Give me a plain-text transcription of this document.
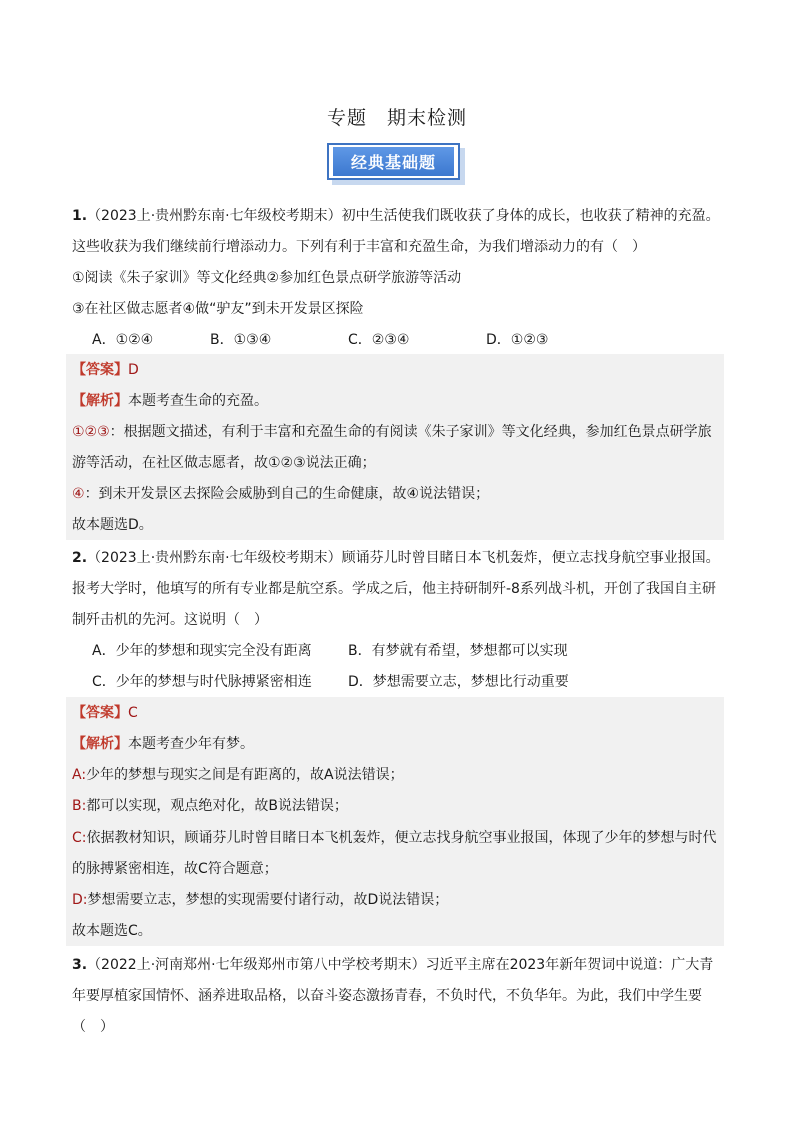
专题　期末检测
经典基础题
1.（2023上·贵州黔东南·七年级校考期末）初中生活使我们既收获了身体的成长，也收获了精神的充盈。这些收获为我们继续前行增添动力。下列有利于丰富和充盈生命，为我们增添动力的有（　）
①阅读《朱子家训》等文化经典②参加红色景点研学旅游等活动
③在社区做志愿者④做“驴友”到未开发景区探险
A．①②④	B．①③④	C．②③④	D．①②③
【答案】D
【解析】本题考查生命的充盈。
①②③：根据题文描述，有利于丰富和充盈生命的有阅读《朱子家训》等文化经典，参加红色景点研学旅游等活动，在社区做志愿者，故①②③说法正确；
④：到未开发景区去探险会威胁到自己的生命健康，故④说法错误；
故本题选D。
2.（2023上·贵州黔东南·七年级校考期末）顾诵芬儿时曾目睹日本飞机轰炸，便立志找身航空事业报国。报考大学时，他填写的所有专业都是航空系。学成之后，他主持研制歼-8系列战斗机，开创了我国自主研制歼击机的先河。这说明（　）
A．少年的梦想和现实完全没有距离	B．有梦就有希望，梦想都可以实现
C．少年的梦想与时代脉搏紧密相连	D．梦想需要立志，梦想比行动重要
【答案】C
【解析】本题考查少年有梦。
A:少年的梦想与现实之间是有距离的，故A说法错误；
B:都可以实现，观点绝对化，故B说法错误；
C:依据教材知识，顾诵芬儿时曾目睹日本飞机轰炸，便立志找身航空事业报国，体现了少年的梦想与时代的脉搏紧密相连，故C符合题意；
D:梦想需要立志，梦想的实现需要付诸行动，故D说法错误；
故本题选C。
3.（2022上·河南郑州·七年级郑州市第八中学校考期末）习近平主席在2023年新年贺词中说道：广大青年要厚植家国情怀、涵养进取品格，以奋斗姿态激扬青春，不负时代，不负华年。为此，我们中学生要（　）
